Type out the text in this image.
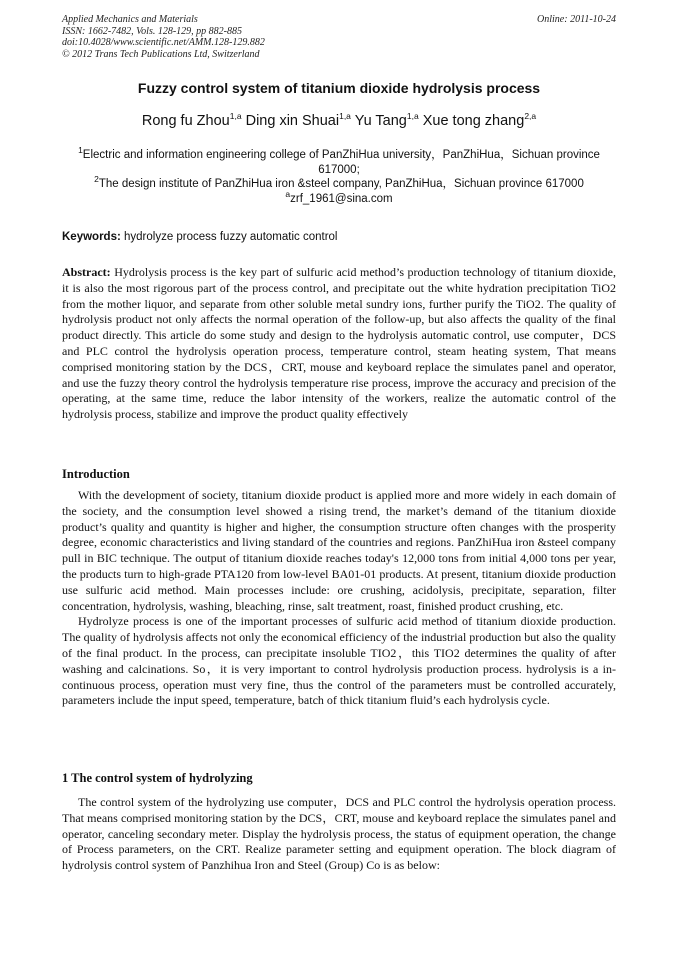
Applied Mechanics and Materials
ISSN: 1662-7482, Vols. 128-129, pp 882-885
doi:10.4028/www.scientific.net/AMM.128-129.882
© 2012 Trans Tech Publications Ltd, Switzerland
Online: 2011-10-24
Fuzzy control system of titanium dioxide hydrolysis process
Rong fu Zhou$^{1,a}$ Ding xin Shuai$^{1,a}$ Yu Tang$^{1,a}$ Xue tong zhang$^{2,a}$

$^1$Electric and information engineering college of PanZhiHua university，PanZhiHua，Sichuan province 617000;

$^2$The design institute of PanZhiHua iron &steel company, PanZhiHua，Sichuan province 617000

$^a$zrf_1961@sina.com

Keywords: hydrolyze process fuzzy automatic control

Abstract: Hydrolysis process is the key part of sulfuric acid method’s production technology of titanium dioxide, it is also the most rigorous part of the process control, and precipitate out the white hydration precipitation TiO2 from the mother liquor, and separate from other soluble metal sundry ions, further purify the TiO2. The quality of hydrolysis product not only affects the normal operation of the follow-up, but also affects the quality of the final product directly. This article do some study and design to the hydrolysis automatic control, use computer，DCS and PLC control the hydrolysis operation process, temperature control, steam heating system, That means comprised monitoring station by the DCS，CRT, mouse and keyboard replace the simulates panel and operator, and use the fuzzy theory control the hydrolysis temperature rise process, improve the accuracy and precision of the operating, at the same time, reduce the labor intensity of the workers, realize the automatic control of the hydrolysis process, stabilize and improve the product quality effectively

Introduction

With the development of society, titanium dioxide product is applied more and more widely in each domain of the society, and the consumption level showed a rising trend, the market’s demand of the titanium dioxide product’s quality and quantity is higher and higher, the consumption structure often changes with the prosperity degree, economic characteristics and living standard of the countries and regions. PanZhiHua iron &steel company pull in BIC technique. The output of titanium dioxide reaches today's 12,000 tons from initial 4,000 tons per year, the products turn to high-grade PTA120 from low-level BA01-01 products. At present, titanium dioxide production use sulfuric acid method. Main processes include: ore crushing, acidolysis, precipitate, separation, filter concentration, hydrolysis, washing, bleaching, rinse, salt treatment, roast, finished product crushing, etc.

Hydrolyze process is one of the important processes of sulfuric acid method of titanium dioxide production. The quality of hydrolysis affects not only the economical efficiency of the industrial production but also the quality of the final product. In the process, can precipitate insoluble TIO2，this TIO2 determines the quality of after washing and calcinations. So，it is very important to control hydrolysis production process. hydrolysis is a in-continuous process, operation must very fine, thus the control of the parameters must be controlled accurately, parameters include the input speed, temperature, batch of thick titanium fluid’s each hydrolysis cycle.

1 The control system of hydrolyzing

The control system of the hydrolyzing use computer，DCS and PLC control the hydrolysis operation process. That means comprised monitoring station by the DCS，CRT, mouse and keyboard replace the simulates panel and operator, canceling secondary meter. Display the hydrolysis process, the status of equipment operation, the change of Process parameters, on the CRT. Realize parameter setting and equipment operation. The block diagram of hydrolysis control system of Panzhihua Iron and Steel (Group) Co is as below:
